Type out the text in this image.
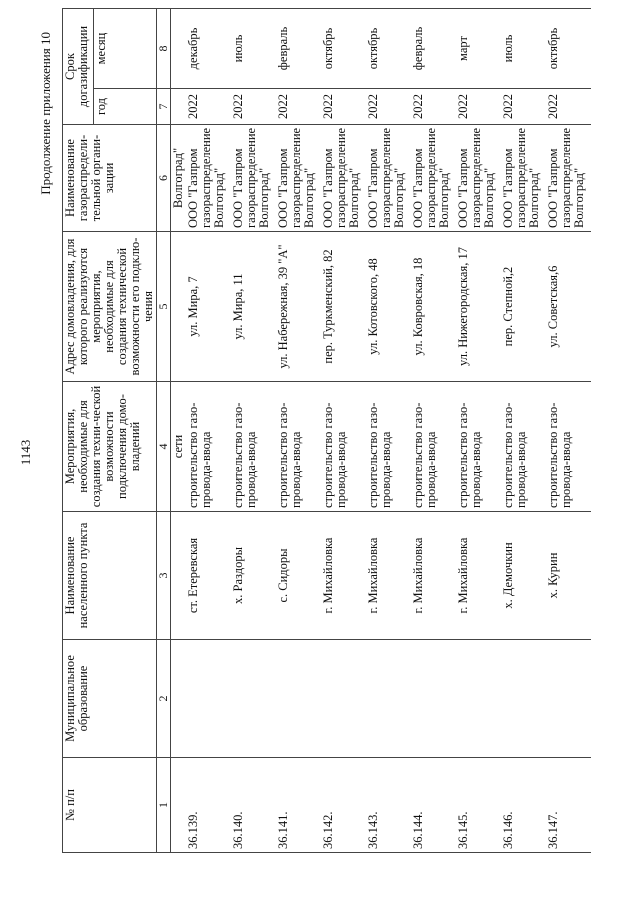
1143
Продолжение приложения 10
№ п/п	Муниципальное образование	Наименование населенного пункта	Мероприятия, необходимые для создания техни-ческой возможности подключения домо-владений	Адрес домовладения, для которого реализуются мероприятия, необходимые для создания технической возможности его подклю-чения	Наименование газораспредели-тельной органи-зации	Срок догазификации	
						год	месяц
1	2	3	4	5	6	7	8
			сети		Волгоград"		
36.139.		ст. Етеревская	строительство газо-провода-ввода	ул. Мира, 7	ООО "Газпром газораспределение Волгоград"	2022	декабрь
36.140.		х. Раздоры	строительство газо-провода-ввода	ул. Мира, 11	ООО "Газпром газораспределение Волгоград"	2022	июль
36.141.		с. Сидоры	строительство газо-провода-ввода	ул. Набережная, 39 "А"	ООО "Газпром газораспределение Волгоград"	2022	февраль
36.142.		г. Михайловка	строительство газо-провода-ввода	пер. Туркменский, 82	ООО "Газпром газораспределение Волгоград"	2022	октябрь
36.143.		г. Михайловка	строительство газо-провода-ввода	ул. Котовского, 48	ООО "Газпром газораспределение Волгоград"	2022	октябрь
36.144.		г. Михайловка	строительство газо-провода-ввода	ул. Ковровская, 18	ООО "Газпром газораспределение Волгоград"	2022	февраль
36.145.		г. Михайловка	строительство газо-провода-ввода	ул. Нижегородская, 17	ООО "Газпром газораспределение Волгоград"	2022	март
36.146.		х. Демочкин	строительство газо-провода-ввода	пер. Степной,2	ООО "Газпром газораспределение Волгоград"	2022	июль
36.147.		х. Курин	строительство газо-провода-ввода	ул. Советская,6	ООО "Газпром газораспределение Волгоград"	2022	октябрь
